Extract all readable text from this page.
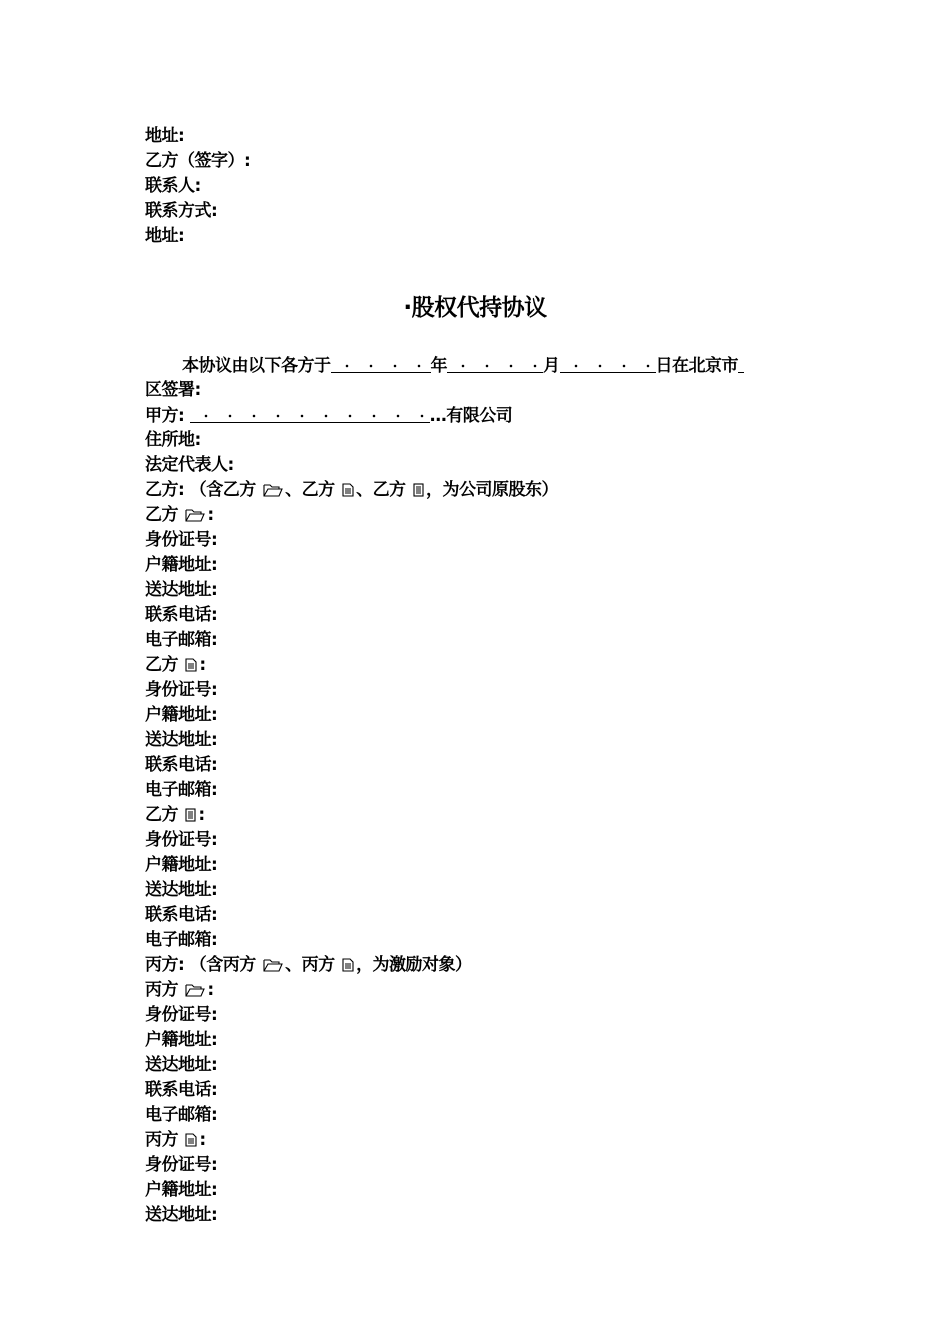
地址:
乙方（签字）:
联系人:
联系方式:
地址:
·股权代持协议
本协议由以下各方于	年	月	日在北京市
区签署:
甲方:	…有限公司
住所地:
法定代表人:
乙方: （含乙方 、乙方 、乙方 ，为公司原股东）
乙方 :
身份证号:
户籍地址:
送达地址:
联系电话:
电子邮箱:
乙方 :
身份证号:
户籍地址:
送达地址:
联系电话:
电子邮箱:
乙方 :
身份证号:
户籍地址:
送达地址:
联系电话:
电子邮箱:
丙方: （含丙方 、丙方 ，为激励对象）
丙方 :
身份证号:
户籍地址:
送达地址:
联系电话:
电子邮箱:
丙方 :
身份证号:
户籍地址:
送达地址:
